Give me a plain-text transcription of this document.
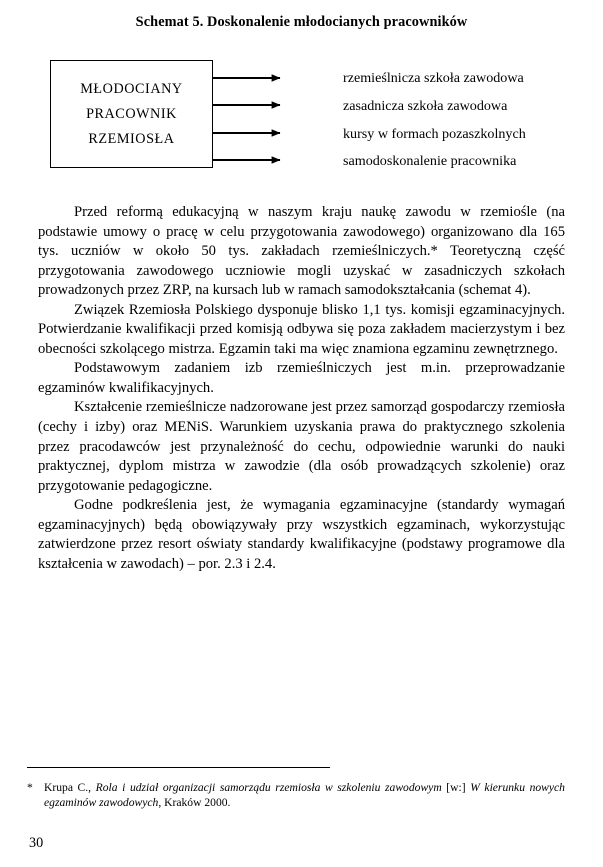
Schemat 5. Doskonalenie młodocianych pracowników
MŁODOCIANY
PRACOWNIK
RZEMIOSŁA
rzemieślnicza szkoła zawodowa
zasadnicza szkoła zawodowa
kursy w formach pozaszkolnych
samodoskonalenie pracownika

Przed reformą edukacyjną w naszym kraju naukę zawodu w rzemiośle (na podstawie umowy o pracę w celu przygotowania zawodowego) organizowano dla 165 tys. uczniów w około 50 tys. zakładach rzemieślniczych.* Teoretyczną część przygotowania zawodowego uczniowie mogli uzyskać w zasadniczych szkołach prowadzonych przez ZRP, na kursach lub w ramach samodokształcania (schemat 4).

Związek Rzemiosła Polskiego dysponuje blisko 1,1 tys. komisji egzaminacyjnych. Potwierdzanie kwalifikacji przed komisją odbywa się poza zakładem macierzystym i bez obecności szkolącego mistrza. Egzamin taki ma więc znamiona egzaminu zewnętrznego.

Podstawowym zadaniem izb rzemieślniczych jest m.in. przeprowadzanie egzaminów kwalifikacyjnych.

Kształcenie rzemieślnicze nadzorowane jest przez samorząd gospodarczy rzemiosła (cechy i izby) oraz MENiS. Warunkiem uzyskania prawa do praktycznego szkolenia przez pracodawców jest przynależność do cechu, odpowiednie warunki do nauki praktycznej, dyplom mistrza w zawodzie (dla osób prowadzących szkolenie) oraz przygotowanie pedagogiczne.

Godne podkreślenia jest, że wymagania egzaminacyjne (standardy wymagań egzaminacyjnych) będą obowiązywały przy wszystkich egzaminach, wykorzystując zatwierdzone przez resort oświaty standardy kwalifikacyjne (podstawy programowe dla kształcenia w zawodach) – por. 2.3 i 2.4.

* Krupa C., Rola i udział organizacji samorządu rzemiosła w szkoleniu zawodowym [w:] W kierunku nowych egzaminów zawodowych, Kraków 2000.
30
